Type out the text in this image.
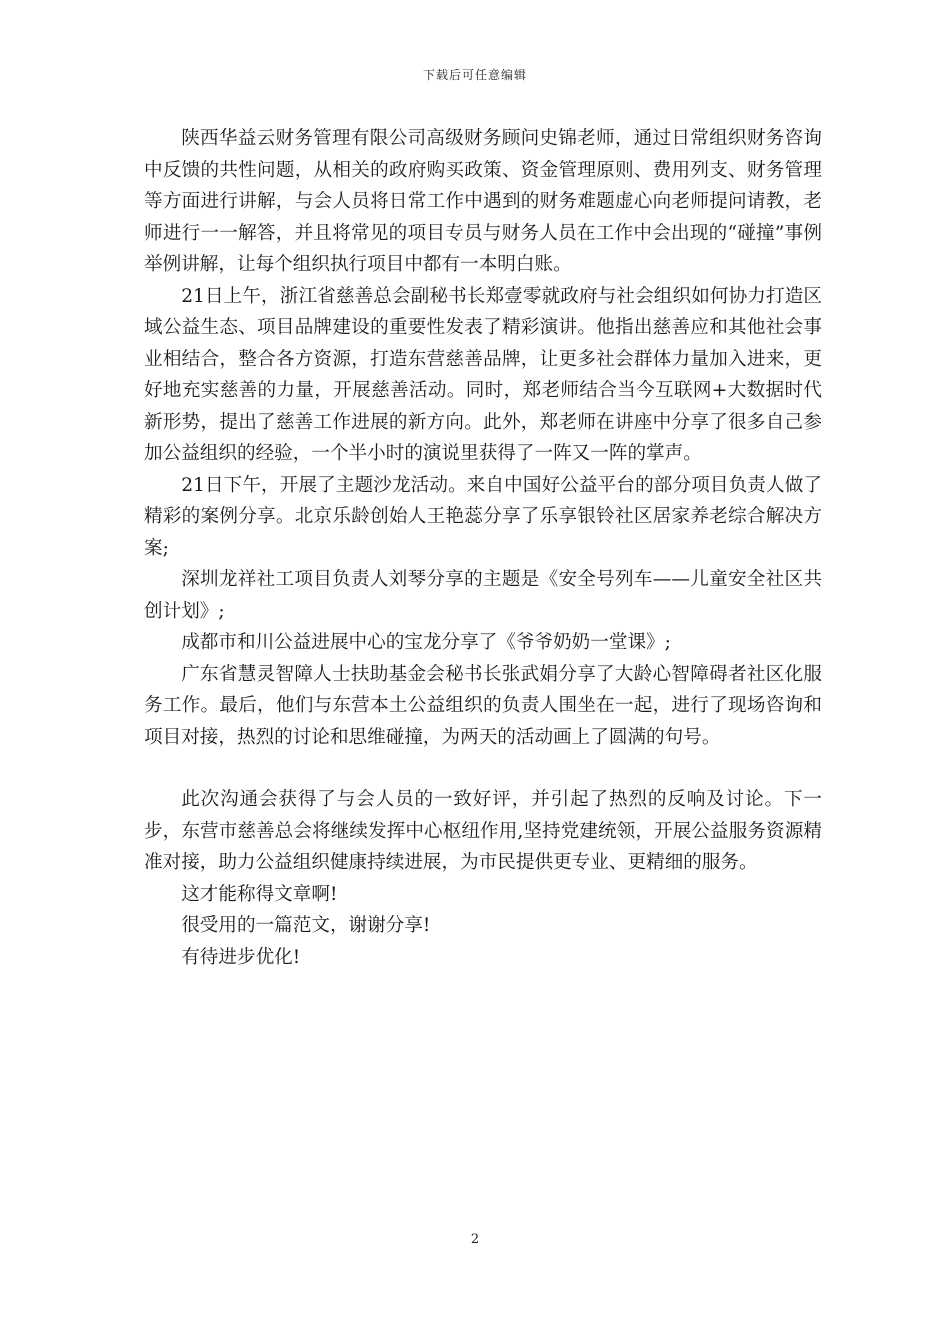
下载后可任意编辑

陕西华益云财务管理有限公司高级财务顾问史锦老师，通过日常组织财务咨询中反馈的共性问题，从相关的政府购买政策、资金管理原则、费用列支、财务管理等方面进行讲解，与会人员将日常工作中遇到的财务难题虚心向老师提问请教，老师进行一一解答，并且将常见的项目专员与财务人员在工作中会出现的“碰撞”事例举例讲解，让每个组织执行项目中都有一本明白账。

21日上午，浙江省慈善总会副秘书长郑壹零就政府与社会组织如何协力打造区域公益生态、项目品牌建设的重要性发表了精彩演讲。他指出慈善应和其他社会事业相结合，整合各方资源，打造东营慈善品牌，让更多社会群体力量加入进来，更好地充实慈善的力量，开展慈善活动。同时，郑老师结合当今互联网+大数据时代新形势，提出了慈善工作进展的新方向。此外，郑老师在讲座中分享了很多自己参加公益组织的经验，一个半小时的演说里获得了一阵又一阵的掌声。

21日下午，开展了主题沙龙活动。来自中国好公益平台的部分项目负责人做了精彩的案例分享。北京乐龄创始人王艳蕊分享了乐享银铃社区居家养老综合解决方案;

深圳龙祥社工项目负责人刘琴分享的主题是《安全号列车——儿童安全社区共创计划》;

成都市和川公益进展中心的宝龙分享了《爷爷奶奶一堂课》;

广东省慧灵智障人士扶助基金会秘书长张武娟分享了大龄心智障碍者社区化服务工作。最后，他们与东营本土公益组织的负责人围坐在一起，进行了现场咨询和项目对接，热烈的讨论和思维碰撞，为两天的活动画上了圆满的句号。

此次沟通会获得了与会人员的一致好评，并引起了热烈的反响及讨论。下一步，东营市慈善总会将继续发挥中心枢纽作用,坚持党建统领，开展公益服务资源精准对接，助力公益组织健康持续进展，为市民提供更专业、更精细的服务。

这才能称得文章啊!

很受用的一篇范文，谢谢分享!

有待进步优化!

2
